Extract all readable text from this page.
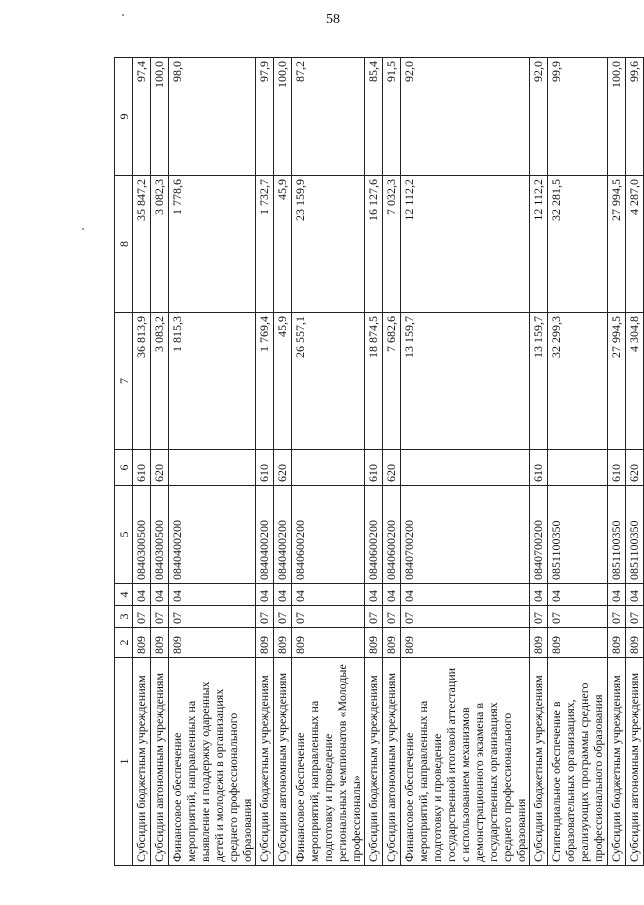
58
1	2	3	4	5	6	7	8	9
Субсидии бюджетным учреждениям	809	07	04	0840300500	610	36 813,9	35 847,2	97,4
Субсидии автономным учреждениям	809	07	04	0840300500	620	3 083,2	3 082,3	100,0
Финансовое обеспечение мероприятий, направленных на выявление и поддержку одаренных детей и молодежи в организациях среднего профессионального образования	809	07	04	0840400200		1 815,3	1 778,6	98,0
Субсидии бюджетным учреждениям	809	07	04	0840400200	610	1 769,4	1 732,7	97,9
Субсидии автономным учреждениям	809	07	04	0840400200	620	45,9	45,9	100,0
Финансовое обеспечение мероприятий, направленных на подготовку и проведение региональных чемпионатов «Молодые профессионалы»	809	07	04	0840600200		26 557,1	23 159,9	87,2
Субсидии бюджетным учреждениям	809	07	04	0840600200	610	18 874,5	16 127,6	85,4
Субсидии автономным учреждениям	809	07	04	0840600200	620	7 682,6	7 032,3	91,5
Финансовое обеспечение мероприятий, направленных на подготовку и проведение государственной итоговой аттестации с использованием механизмов демонстрационного экзамена в государственных организациях среднего профессионального образования	809	07	04	0840700200		13 159,7	12 112,2	92,0
Субсидии бюджетным учреждениям	809	07	04	0840700200	610	13 159,7	12 112,2	92,0
Стипендиальное обеспечение в образовательных организациях, реализующих программы среднего профессионального образования	809	07	04	0851100350		32 299,3	32 281,5	99,9
Субсидии бюджетным учреждениям	809	07	04	0851100350	610	27 994,5	27 994,5	100,0
Субсидии автономным учреждениям	809	07	04	0851100350	620	4 304,8	4 287,0	99,6
